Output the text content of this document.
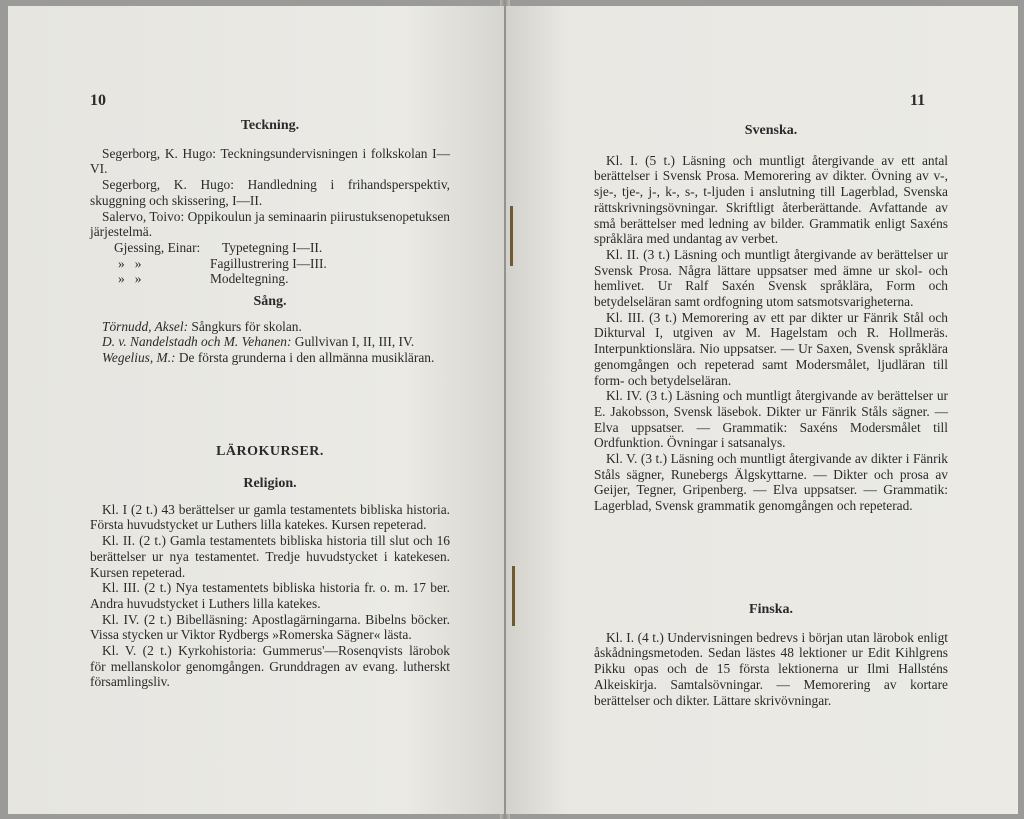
10

Teckning.

Segerborg, K. Hugo: Teckningsundervisningen i folkskolan I—VI.

Segerborg, K. Hugo: Handledning i frihandsperspektiv, skuggning och skissering, I—II.

Salervo, Toivo: Oppikoulun ja seminaarin piirustuksenopetuksen järjestelmä.

Gjessing, Einar: Typetegning I—II.

» »	Fagillustrering I—III.

» »	Modeltegning.

Sång.

Törnudd, Aksel: Sångkurs för skolan.

D. v. Nandelstadh och M. Vehanen: Gullvivan I, II, III, IV.

Wegelius, M.: De första grunderna i den allmänna musikläran.

LÄROKURSER.

Religion.

Kl. I (2 t.) 43 berättelser ur gamla testamentets bibliska historia. Första huvudstycket ur Luthers lilla katekes. Kursen repeterad.

Kl. II. (2 t.) Gamla testamentets bibliska historia till slut och 16 berättelser ur nya testamentet. Tredje huvudstycket i katekesen. Kursen repeterad.

Kl. III. (2 t.) Nya testamentets bibliska historia fr. o. m. 17 ber. Andra huvudstycket i Luthers lilla katekes.

Kl. IV. (2 t.) Bibelläsning: Apostlagärningarna. Bibelns böcker. Vissa stycken ur Viktor Rydbergs »Romerska Sägner« lästa.

Kl. V. (2 t.) Kyrkohistoria: Gummerus'—Rosenqvists lärobok för mellanskolor genomgången. Grunddragen av evang. lutherskt församlingsliv.

11

Svenska.

Kl. I. (5 t.) Läsning och muntligt återgivande av ett antal berättelser i Svensk Prosa. Memorering av dikter. Övning av v-, sje-, tje-, j-, k-, s-, t-ljuden i anslutning till Lagerblad, Svenska rättskrivningsövningar. Skriftligt återberättande. Avfattande av små berättelser med ledning av bilder. Grammatik enligt Saxéns språklära med undantag av verbet.

Kl. II. (3 t.) Läsning och muntligt återgivande av berättelser ur Svensk Prosa. Några lättare uppsatser med ämne ur skol- och hemlivet. Ur Ralf Saxén Svensk språklära, Form och betydelseläran samt ordfogning utom satsmotsvarigheterna.

Kl. III. (3 t.) Memorering av ett par dikter ur Fänrik Stål och Dikturval I, utgiven av M. Hagelstam och R. Hollmeräs. Interpunktionslära. Nio uppsatser. — Ur Saxen, Svensk språklära genomgången och repeterad samt Modersmålet, ljudläran till form- och betydelseläran.

Kl. IV. (3 t.) Läsning och muntligt återgivande av berättelser ur E. Jakobsson, Svensk läsebok. Dikter ur Fänrik Ståls sägner. — Elva uppsatser. — Grammatik: Saxéns Modersmålet till Ordfunktion. Övningar i satsanalys.

Kl. V. (3 t.) Läsning och muntligt återgivande av dikter i Fänrik Ståls sägner, Runebergs Älgskyttarne. — Dikter och prosa av Geijer, Tegner, Gripenberg. — Elva uppsatser. — Grammatik: Lagerblad, Svensk grammatik genomgången och repeterad.

Finska.

Kl. I. (4 t.) Undervisningen bedrevs i början utan lärobok enligt åskådningsmetoden. Sedan lästes 48 lektioner ur Edit Kihlgrens Pikku opas och de 15 första lektionerna ur Ilmi Hallsténs Alkeiskirja. Samtalsövningar. — Memorering av kortare berättelser och dikter. Lättare skrivövningar.
